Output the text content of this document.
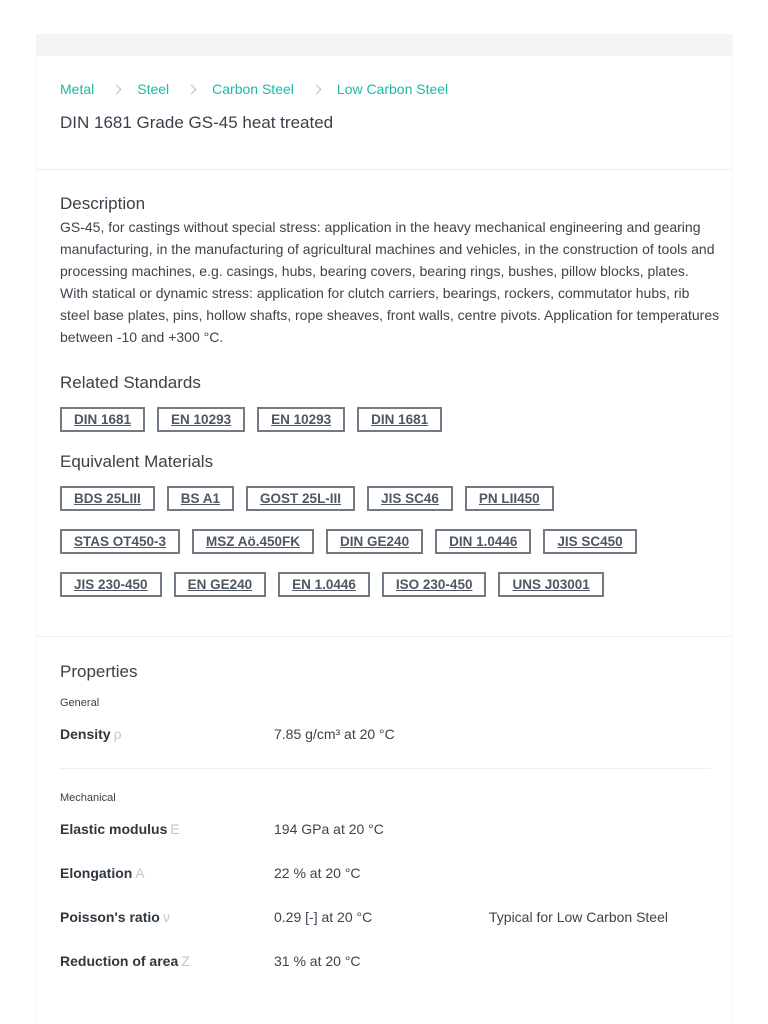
Metal	Steel	Carbon Steel	Low Carbon Steel
DIN 1681 Grade GS-45 heat treated
Description

GS-45, for castings without special stress: application in the heavy mechanical engineering and gearing manufacturing, in the manufacturing of agricultural machines and vehicles, in the construction of tools and processing machines, e.g. casings, hubs, bearing covers, bearing rings, bushes, pillow blocks, plates. With statical or dynamic stress: application for clutch carriers, bearings, rockers, commutator hubs, rib steel base plates, pins, hollow shafts, rope sheaves, front walls, centre pivots. Application for temperatures between -10 and +300 °C.

Related Standards
DIN 1681	EN 10293	EN 10293	DIN 1681
Equivalent Materials
BDS 25LIII	BS A1	GOST 25L-III	JIS SC46	PN LII450
STAS OT450-3	MSZ Aö.450FK	DIN GE240	DIN 1.0446	JIS SC450
JIS 230-450	EN GE240	EN 1.0446	ISO 230-450	UNS J03001
Properties
General
Density ρ	7.85 g/cm³ at 20 °C
Mechanical
Elastic modulus E	194 GPa at 20 °C
Elongation A	22 % at 20 °C
Poisson's ratio ν	0.29 [-] at 20 °C	Typical for Low Carbon Steel
Reduction of area Z	31 % at 20 °C
